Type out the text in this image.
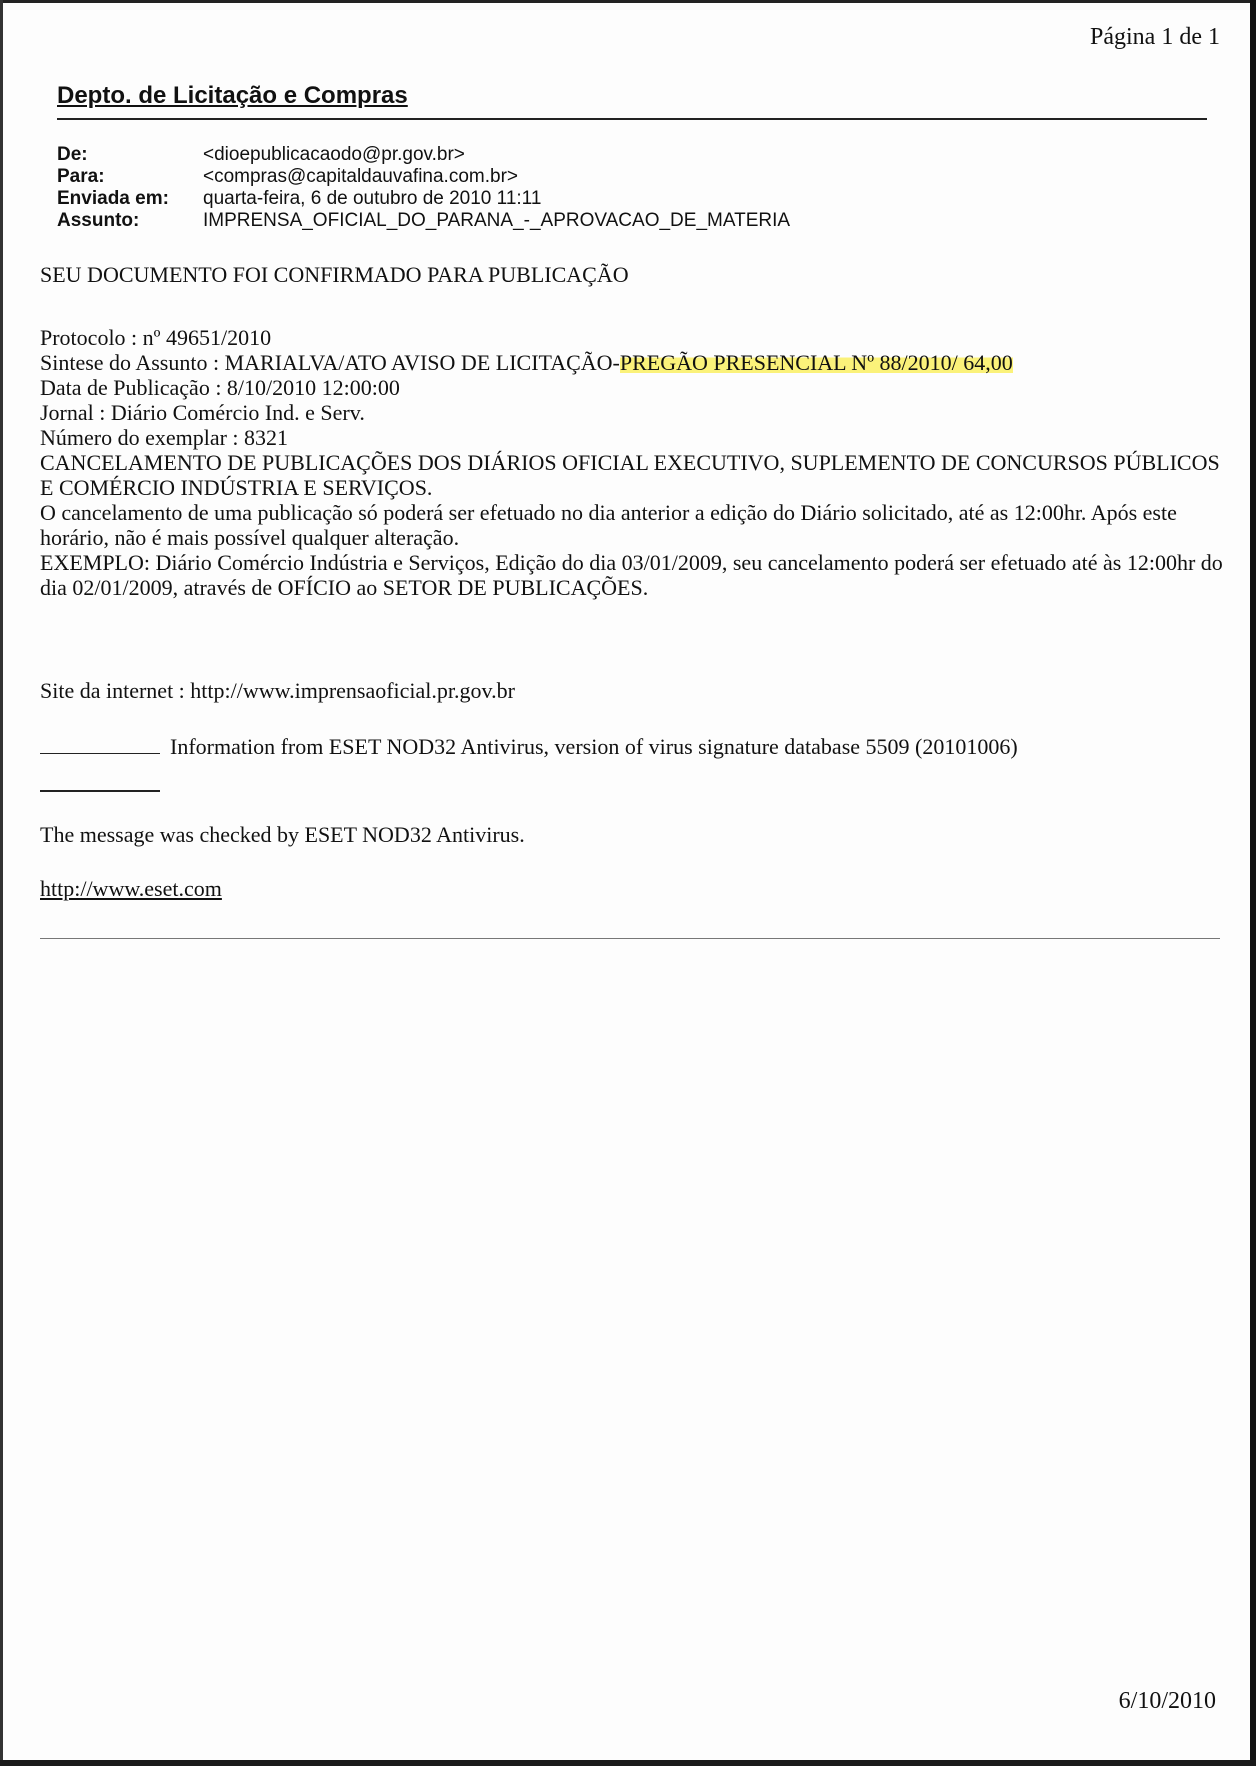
Página 1 de 1
Depto. de Licitação e Compras
De:	<dioepublicacaodo@pr.gov.br>
Para:	<compras@capitaldauvafina.com.br>
Enviada em:	quarta-feira, 6 de outubro de 2010 11:11
Assunto:	IMPRENSA_OFICIAL_DO_PARANA_-_APROVACAO_DE_MATERIA

SEU DOCUMENTO FOI CONFIRMADO PARA PUBLICAÇÃO

Protocolo : nº 49651/2010

Sintese do Assunto : MARIALVA/ATO AVISO DE LICITAÇÃO-PREGÃO PRESENCIAL Nº 88/2010/ 64,00

Data de Publicação : 8/10/2010 12:00:00

Jornal : Diário Comércio Ind. e Serv.

Número do exemplar : 8321

CANCELAMENTO DE PUBLICAÇÕES DOS DIÁRIOS OFICIAL EXECUTIVO, SUPLEMENTO DE CONCURSOS PÚBLICOS E COMÉRCIO INDÚSTRIA E SERVIÇOS.

O cancelamento de uma publicação só poderá ser efetuado no dia anterior a edição do Diário solicitado, até as 12:00hr. Após este horário, não é mais possível qualquer alteração.

EXEMPLO: Diário Comércio Indústria e Serviços, Edição do dia 03/01/2009, seu cancelamento poderá ser efetuado até às 12:00hr do dia 02/01/2009, através de OFÍCIO ao SETOR DE PUBLICAÇÕES.

Site da internet : http://www.imprensaoficial.pr.gov.br
Information from ESET NOD32 Antivirus, version of virus signature database 5509 (20101006)
The message was checked by ESET NOD32 Antivirus.
http://www.eset.com
6/10/2010
